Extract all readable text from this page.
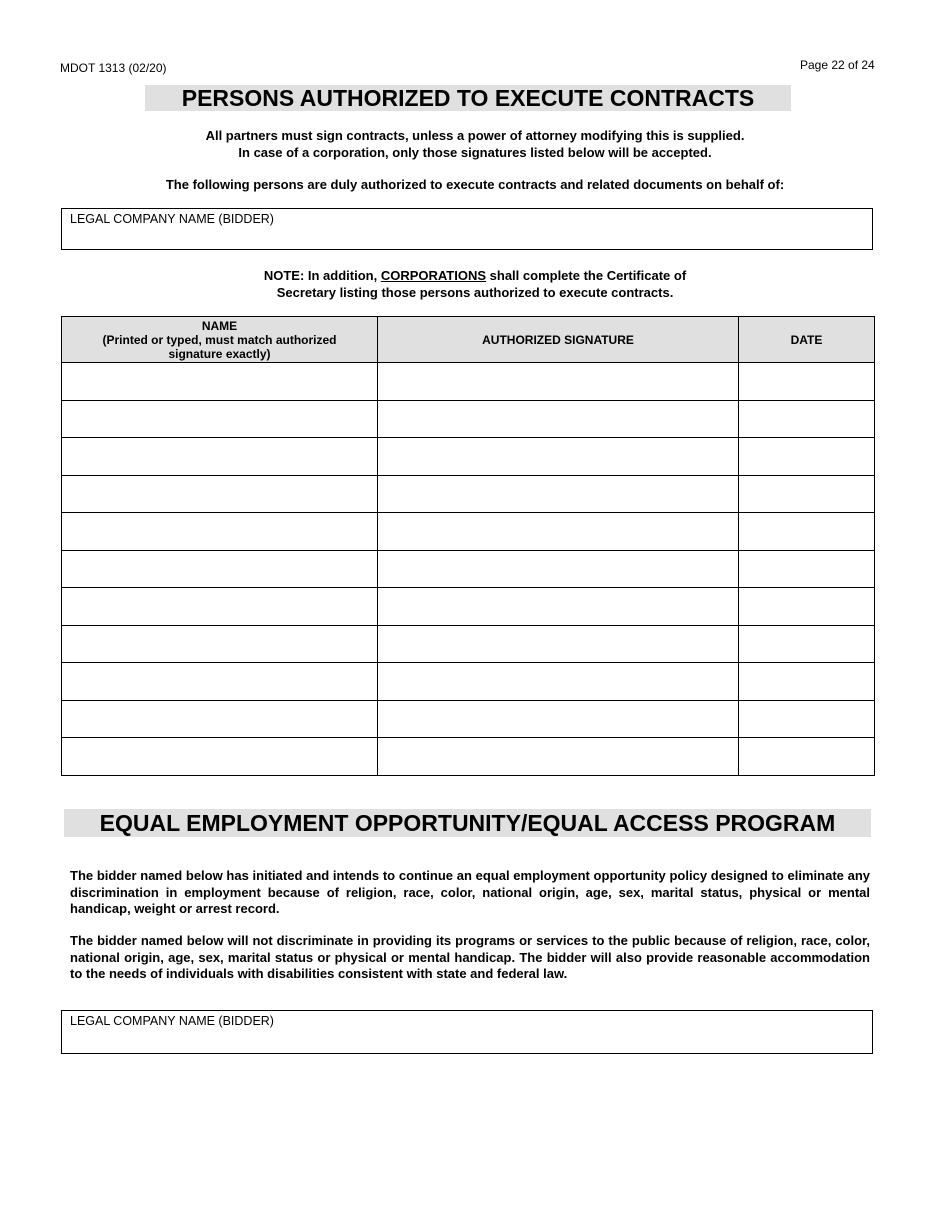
MDOT 1313 (02/20)	Page 22 of 24
PERSONS AUTHORIZED TO EXECUTE CONTRACTS
All partners must sign contracts, unless a power of attorney modifying this is supplied.
In case of a corporation, only those signatures listed below will be accepted.
The following persons are duly authorized to execute contracts and related documents on behalf of:
LEGAL COMPANY NAME (BIDDER)
NOTE: In addition, CORPORATIONS shall complete the Certificate of
Secretary listing those persons authorized to execute contracts.
NAME
(Printed or typed, must match authorized
signature exactly)	AUTHORIZED SIGNATURE	DATE

EQUAL EMPLOYMENT OPPORTUNITY/EQUAL ACCESS PROGRAM
The bidder named below has initiated and intends to continue an equal employment opportunity policy designed to eliminate any discrimination in employment because of religion, race, color, national origin, age, sex, marital status, physical or mental handicap, weight or arrest record.
The bidder named below will not discriminate in providing its programs or services to the public because of religion, race, color, national origin, age, sex, marital status or physical or mental handicap. The bidder will also provide reasonable accommodation to the needs of individuals with disabilities consistent with state and federal law.
LEGAL COMPANY NAME (BIDDER)
